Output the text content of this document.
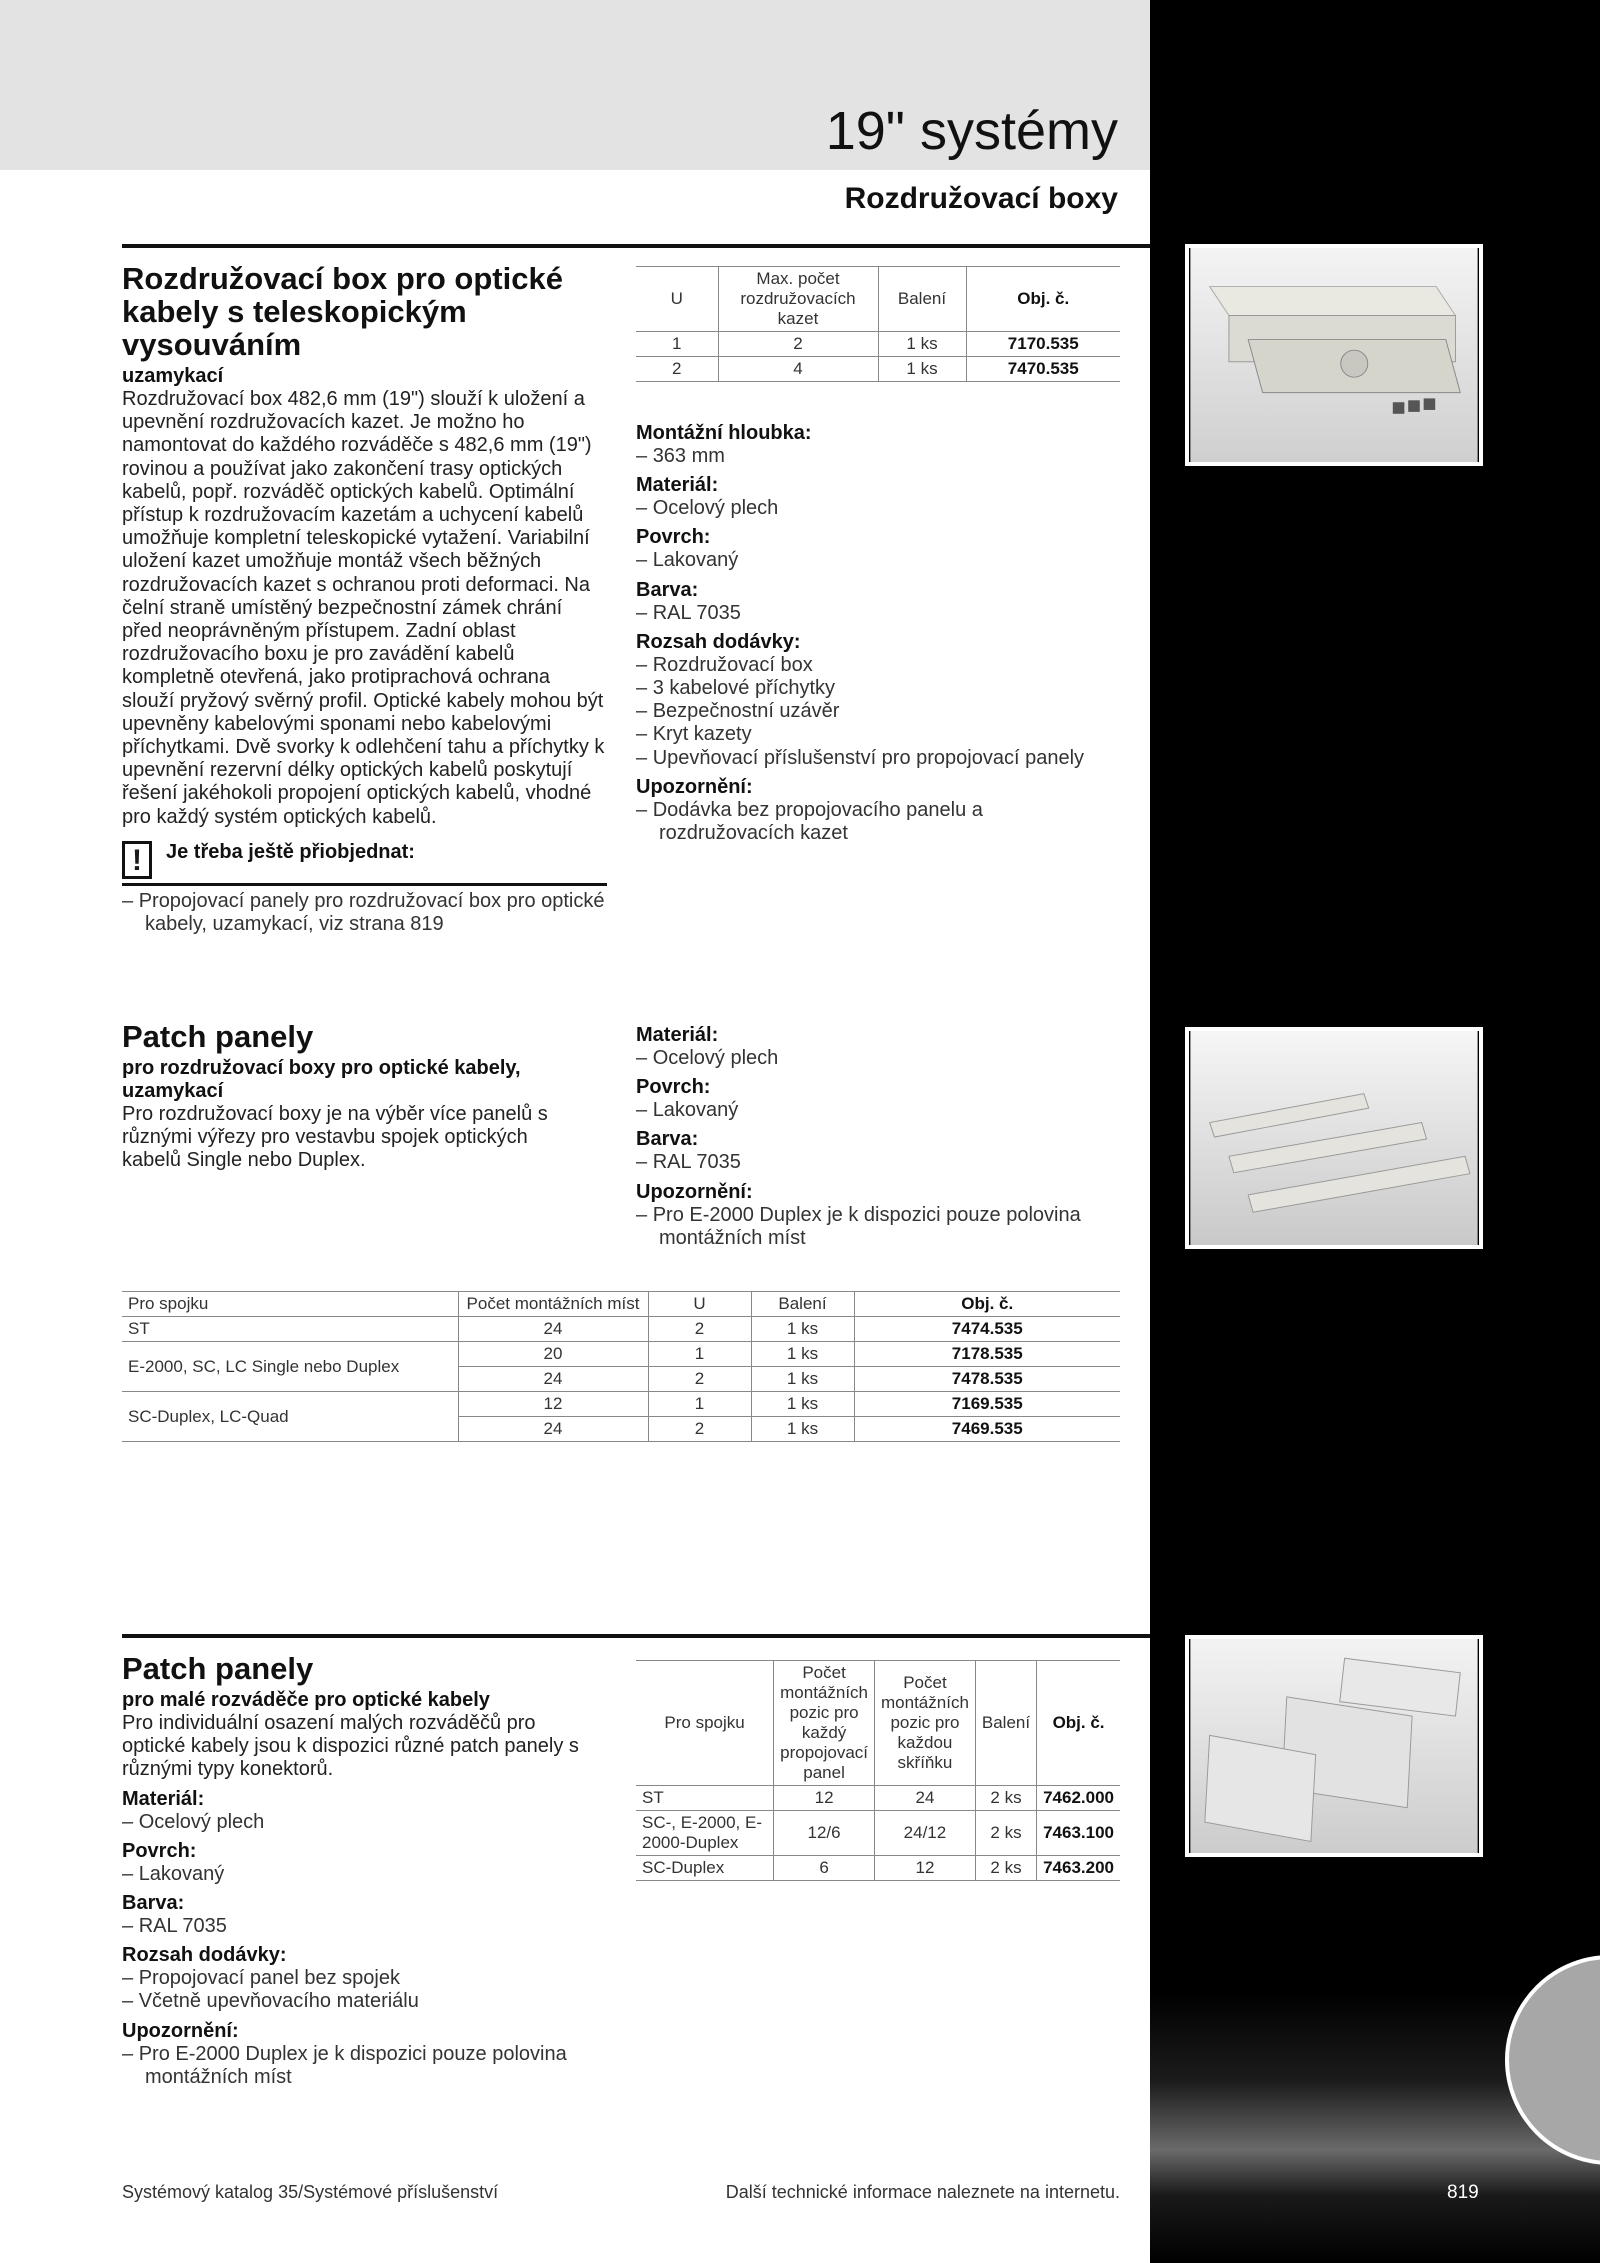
19" systémy
Rozdružovací boxy
Rozdružovací box pro optické kabely s teleskopickým vysouváním
uzamykací
Rozdružovací box 482,6 mm (19") slouží k uložení a upevnění rozdružovacích kazet. Je možno ho namontovat do každého rozváděče s 482,6 mm (19") rovinou a používat jako zakončení trasy optických kabelů, popř. rozváděč optických kabelů. Optimální přístup k rozdružovacím kazetám a uchycení kabelů umožňuje kompletní teleskopické vytažení. Variabilní uložení kazet umožňuje montáž všech běžných rozdružovacích kazet s ochranou proti deformaci. Na čelní straně umístěný bezpečnostní zámek chrání před neoprávněným přístupem. Zadní oblast rozdružovacího boxu je pro zavádění kabelů kompletně otevřená, jako protiprachová ochrana slouží pryžový svěrný profil. Optické kabely mohou být upevněny kabelovými sponami nebo kabelovými příchytkami. Dvě svorky k odlehčení tahu a příchytky k upevnění rezervní délky optických kabelů poskytují řešení jakéhokoli propojení optických kabelů, vhodné pro každý systém optických kabelů.
!	Je třeba ještě přiobjednat:
– Propojovací panely pro rozdružovací box pro optické kabely, uzamykací, viz strana 819
U	Max. počet rozdružovacích kazet	Balení	Obj. č.
1	2	1 ks	7170.535
2	4	1 ks	7470.535
Montážní hloubka:
– 363 mm
Materiál:
– Ocelový plech
Povrch:
– Lakovaný
Barva:
– RAL 7035
Rozsah dodávky:
– Rozdružovací box
– 3 kabelové příchytky
– Bezpečnostní uzávěr
– Kryt kazety
– Upevňovací příslušenství pro propojovací panely
Upozornění:
– Dodávka bez propojovacího panelu a rozdružovacích kazet
Patch panely
pro rozdružovací boxy pro optické kabely, uzamykací
Pro rozdružovací boxy je na výběr více panelů s různými výřezy pro vestavbu spojek optických kabelů Single nebo Duplex.
Materiál:
– Ocelový plech
Povrch:
– Lakovaný
Barva:
– RAL 7035
Upozornění:
– Pro E-2000 Duplex je k dispozici pouze polovina montážních míst
Pro spojku	Počet montážních míst	U	Balení	Obj. č.
ST	24	2	1 ks	7474.535
E-2000, SC, LC Single nebo Duplex	20	1	1 ks	7178.535
	24	2	1 ks	7478.535
SC-Duplex, LC-Quad	12	1	1 ks	7169.535
	24	2	1 ks	7469.535
Patch panely
pro malé rozváděče pro optické kabely
Pro individuální osazení malých rozváděčů pro optické kabely jsou k dispozici různé patch panely s různými typy konektorů.
Materiál:
– Ocelový plech
Povrch:
– Lakovaný
Barva:
– RAL 7035
Rozsah dodávky:
– Propojovací panel bez spojek
– Včetně upevňovacího materiálu
Upozornění:
– Pro E-2000 Duplex je k dispozici pouze polovina montážních míst
Pro spojku	Počet montážních pozic pro každý propojovací panel	Počet montážních pozic pro každou skříňku	Balení	Obj. č.
ST	12	24	2 ks	7462.000
SC-, E-2000, E-2000-Duplex	12/6	24/12	2 ks	7463.100
SC-Duplex	6	12	2 ks	7463.200
Systémový katalog 35/Systémové příslušenství	Další technické informace naleznete na internetu.	819
